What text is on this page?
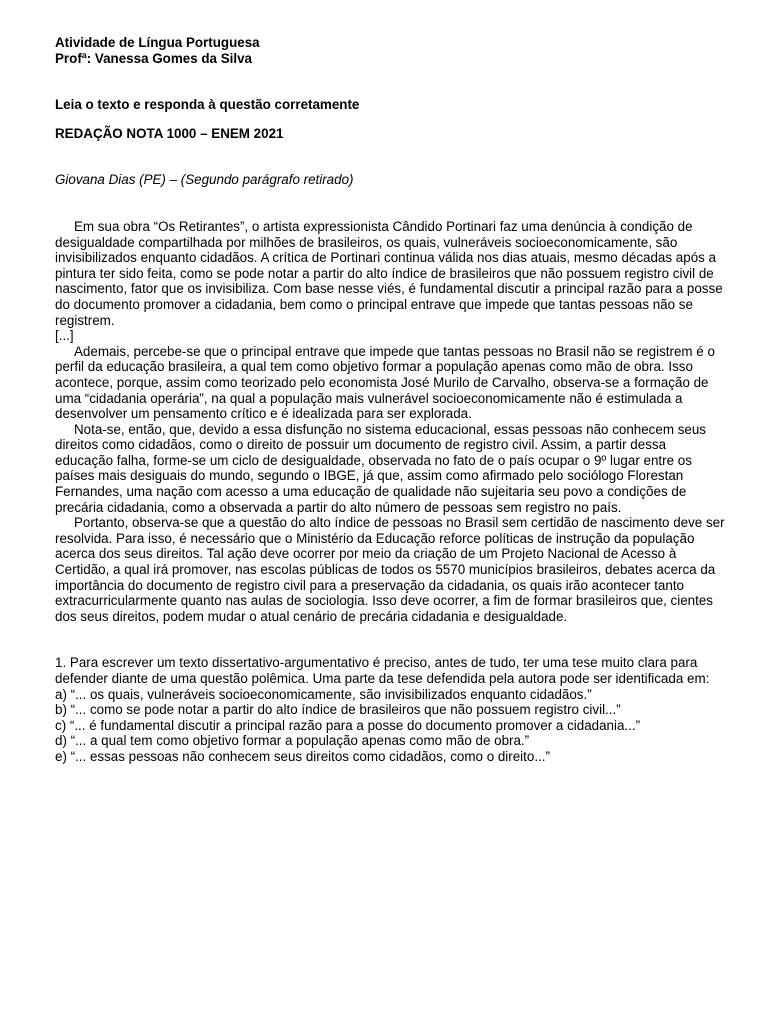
Atividade de Língua Portuguesa

Profª: Vanessa Gomes da Silva

Leia o texto e responda à questão corretamente

REDAÇÃO NOTA 1000 – ENEM 2021

Giovana Dias (PE) – (Segundo parágrafo retirado)

Em sua obra “Os Retirantes”, o artista expressionista Cândido Portinari faz uma denúncia à condição de desigualdade compartilhada por milhões de brasileiros, os quais, vulneráveis socioeconomicamente, são invisibilizados enquanto cidadãos. A crítica de Portinari continua válida nos dias atuais, mesmo décadas após a pintura ter sido feita, como se pode notar a partir do alto índice de brasileiros que não possuem registro civil de nascimento, fator que os invisibiliza. Com base nesse viés, é fundamental discutir a principal razão para a posse do documento promover a cidadania, bem como o principal entrave que impede que tantas pessoas não se registrem.

[...]

Ademais, percebe-se que o principal entrave que impede que tantas pessoas no Brasil não se registrem é o perfil da educação brasileira, a qual tem como objetivo formar a população apenas como mão de obra. Isso acontece, porque, assim como teorizado pelo economista José Murilo de Carvalho, observa-se a formação de uma “cidadania operária”, na qual a população mais vulnerável socioeconomicamente não é estimulada a desenvolver um pensamento crítico e é idealizada para ser explorada.

Nota-se, então, que, devido a essa disfunção no sistema educacional, essas pessoas não conhecem seus direitos como cidadãos, como o direito de possuir um documento de registro civil. Assim, a partir dessa educação falha, forme-se um ciclo de desigualdade, observada no fato de o país ocupar o 9º lugar entre os países mais desiguais do mundo, segundo o IBGE, já que, assim como afirmado pelo sociólogo Florestan Fernandes, uma nação com acesso a uma educação de qualidade não sujeitaria seu povo a condições de precária cidadania, como a observada a partir do alto número de pessoas sem registro no país.

Portanto, observa-se que a questão do alto índice de pessoas no Brasil sem certidão de nascimento deve ser resolvida. Para isso, é necessário que o Ministério da Educação reforce políticas de instrução da população acerca dos seus direitos. Tal ação deve ocorrer por meio da criação de um Projeto Nacional de Acesso à Certidão, a qual irá promover, nas escolas públicas de todos os 5570 municípios brasileiros, debates acerca da importância do documento de registro civil para a preservação da cidadania, os quais irão acontecer tanto extracurricularmente quanto nas aulas de sociologia. Isso deve ocorrer, a fim de formar brasileiros que, cientes dos seus direitos, podem mudar o atual cenário de precária cidadania e desigualdade.

1. Para escrever um texto dissertativo-argumentativo é preciso, antes de tudo, ter uma tese muito clara para defender diante de uma questão polêmica. Uma parte da tese defendida pela autora pode ser identificada em:

a) “... os quais, vulneráveis socioeconomicamente, são invisibilizados enquanto cidadãos.”

b) “... como se pode notar a partir do alto índice de brasileiros que não possuem registro civil...”

c) “... é fundamental discutir a principal razão para a posse do documento promover a cidadania...”

d) “... a qual tem como objetivo formar a população apenas como mão de obra.”

e) “... essas pessoas não conhecem seus direitos como cidadãos, como o direito...”
